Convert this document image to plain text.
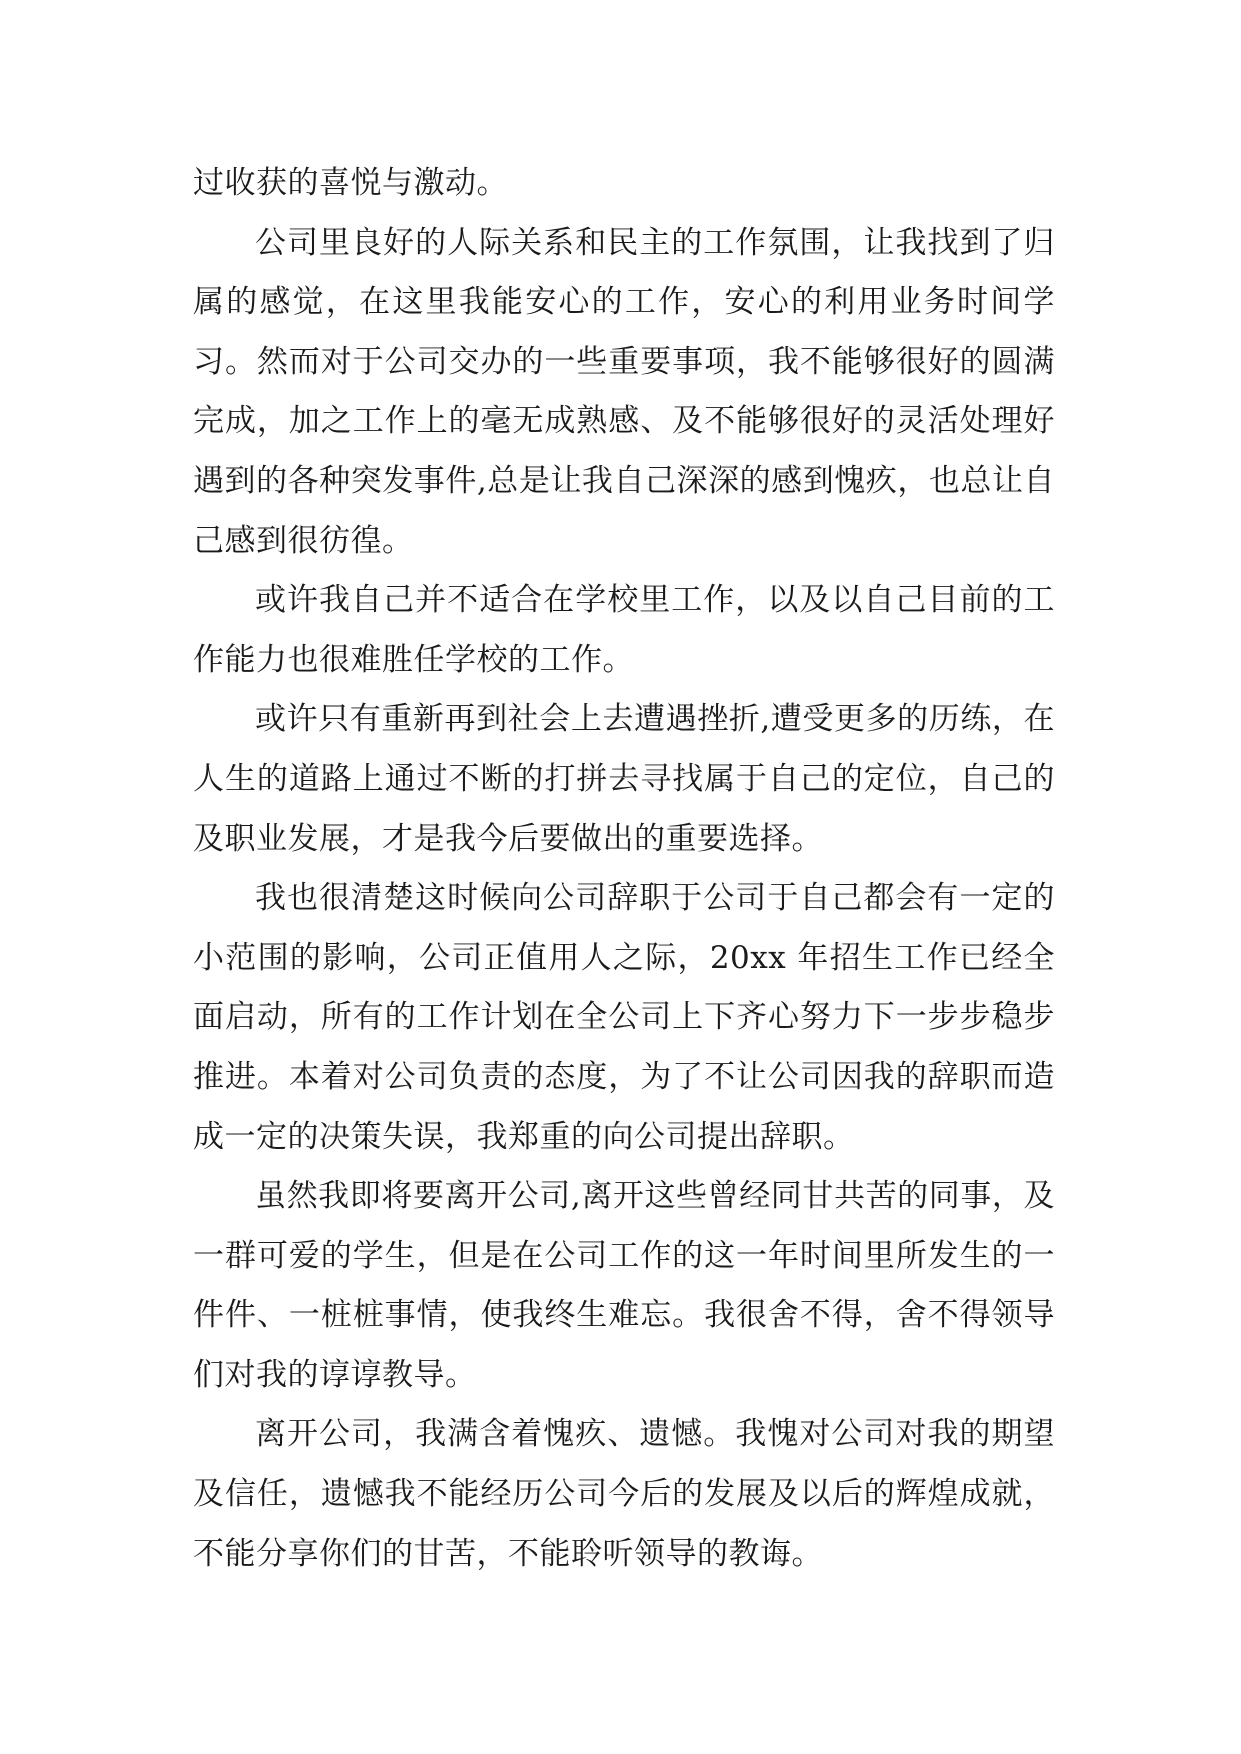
过收获的喜悦与激动。

公司里良好的人际关系和民主的工作氛围，让我找到了归属的感觉，在这里我能安心的工作，安心的利用业务时间学习。然而对于公司交办的一些重要事项，我不能够很好的圆满完成，加之工作上的毫无成熟感、及不能够很好的灵活处理好遇到的各种突发事件,总是让我自己深深的感到愧疚，也总让自己感到很彷徨。

或许我自己并不适合在学校里工作，以及以自己目前的工作能力也很难胜任学校的工作。

或许只有重新再到社会上去遭遇挫折,遭受更多的历练，在人生的道路上通过不断的打拼去寻找属于自己的定位，自己的及职业发展，才是我今后要做出的重要选择。

我也很清楚这时候向公司辞职于公司于自己都会有一定的小范围的影响，公司正值用人之际，20xx 年招生工作已经全面启动，所有的工作计划在全公司上下齐心努力下一步步稳步推进。本着对公司负责的态度，为了不让公司因我的辞职而造成一定的决策失误，我郑重的向公司提出辞职。

虽然我即将要离开公司,离开这些曾经同甘共苦的同事，及一群可爱的学生，但是在公司工作的这一年时间里所发生的一件件、一桩桩事情，使我终生难忘。我很舍不得，舍不得领导们对我的谆谆教导。

离开公司，我满含着愧疚、遗憾。我愧对公司对我的期望及信任，遗憾我不能经历公司今后的发展及以后的辉煌成就，不能分享你们的甘苦，不能聆听领导的教诲。
